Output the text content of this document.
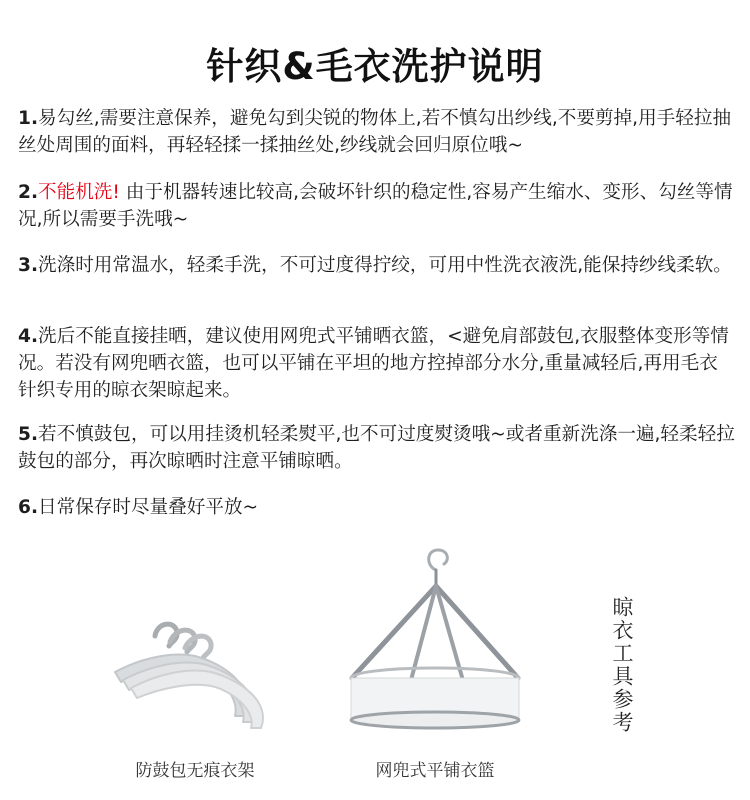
针织&毛衣洗护说明
1.易勾丝,需要注意保养，避免勾到尖锐的物体上,若不慎勾出纱线,不要剪掉,用手轻拉抽丝处周围的面料，再轻轻揉一揉抽丝处,纱线就会回归原位哦~
2.不能机洗! 由于机器转速比较高,会破坏针织的稳定性,容易产生缩水、变形、勾丝等情况,所以需要手洗哦~
3.洗涤时用常温水，轻柔手洗，不可过度得拧绞，可用中性洗衣液洗,能保持纱线柔软。
4.洗后不能直接挂晒，建议使用网兜式平铺晒衣篮，<避免肩部鼓包,衣服整体变形等情况。若没有网兜晒衣篮，也可以平铺在平坦的地方控掉部分水分,重量减轻后,再用毛衣针织专用的晾衣架晾起来。
5.若不慎鼓包，可以用挂烫机轻柔熨平,也不可过度熨烫哦~或者重新洗涤一遍,轻柔轻拉鼓包的部分，再次晾晒时注意平铺晾晒。
6.日常保存时尽量叠好平放~
晾衣工具参考
防鼓包无痕衣架	网兜式平铺衣篮
